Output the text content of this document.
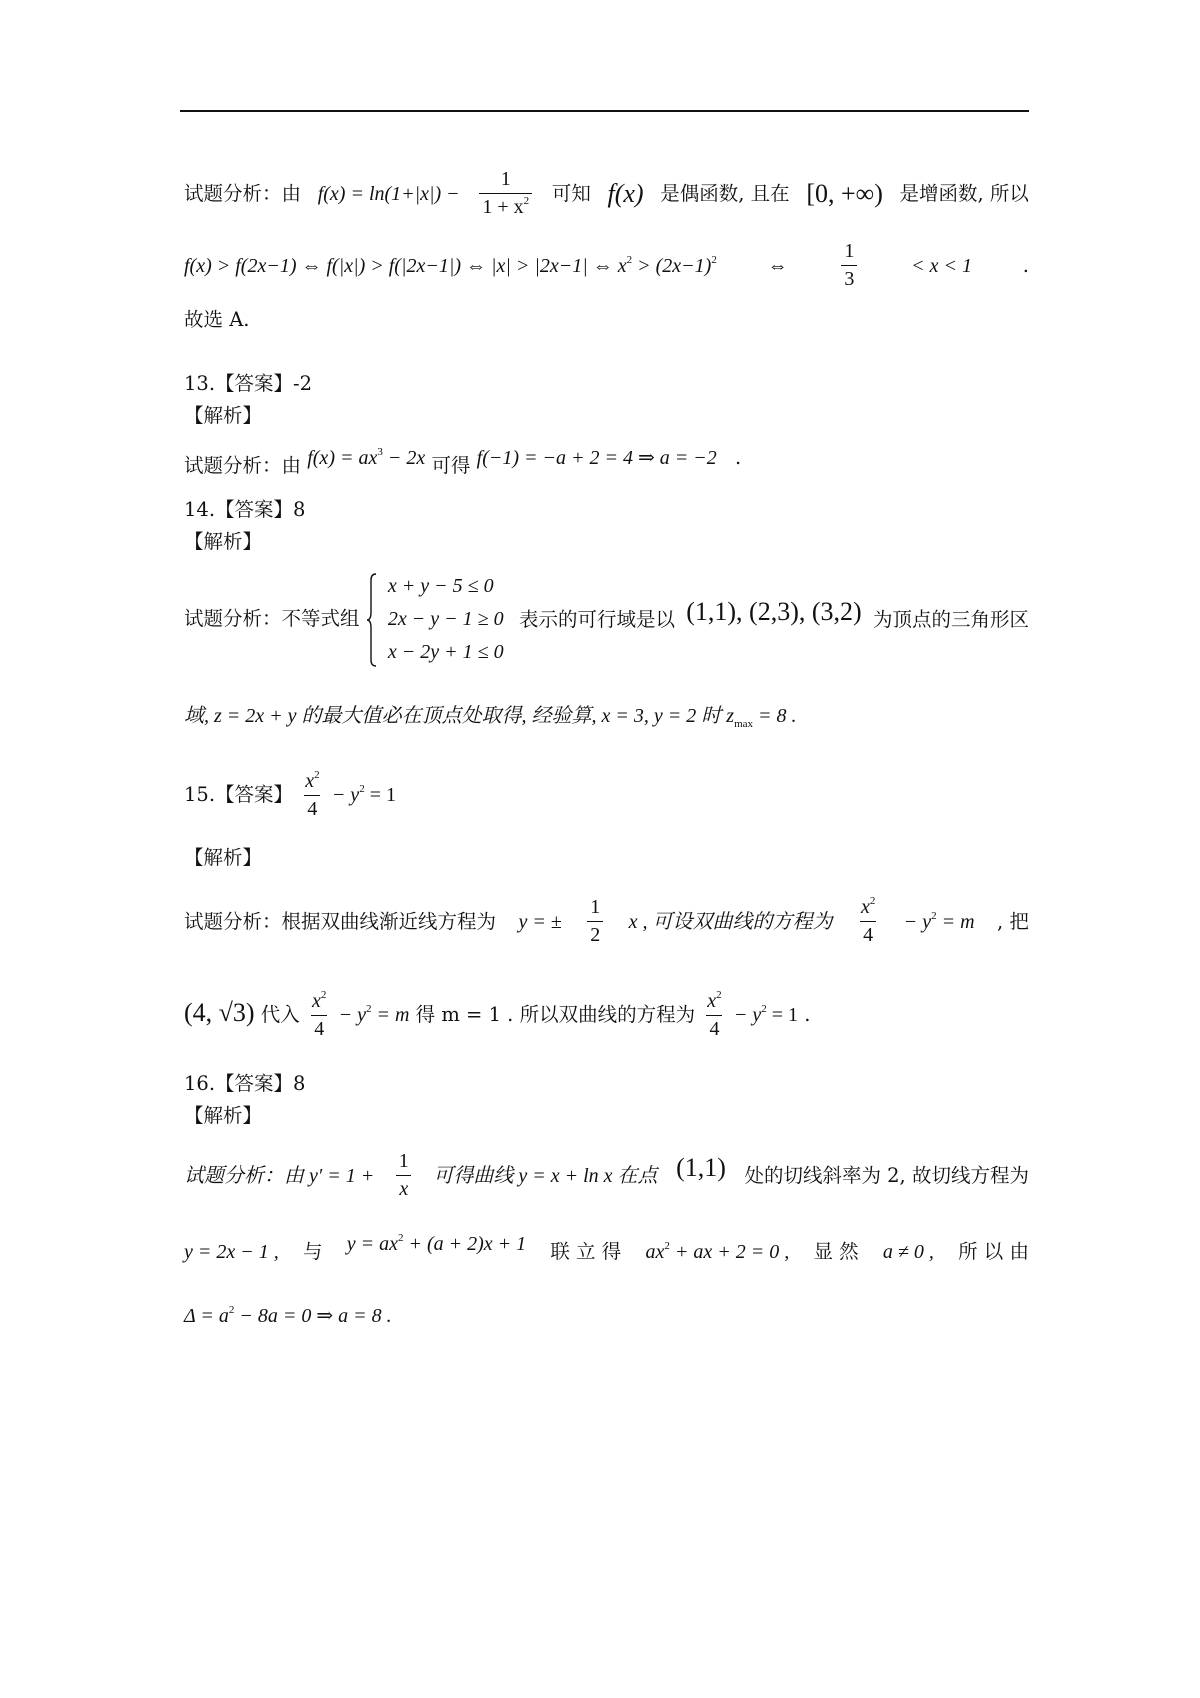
试题分析：由 $f(x) = \ln(1+|x|) - \frac{1}{1 + x^2}$ 可知 f(x) 是偶函数, 且在 [0, +∞) 是增函数, 所以
f(x) > f(2x−1) ⇔ f(|x|) > f(|2x−1|) ⇔ |x| > |2x−1| ⇔ $x^2 > (2x-1)^2$	⇔	$\frac{1}{3}$	< x < 1	.
故选 A.
13.【答案】-2
【解析】
试题分析：由 $f(x) = ax^3 - 2x$ 可得 f(−1) = −a + 2 = 4 ⇒ a = −2 .
14.【答案】8
【解析】
试题分析：不等式组
x + y − 5 ≤ 0
2x − y − 1 ≥ 0
x − 2y + 1 ≤ 0
表示的可行域是以 (1,1), (2,3), (3,2) 为顶点的三角形区
域, z = 2x + y 的最大值必在顶点处取得, 经验算, x = 3, y = 2 时 $z_{max} = 8$ .
15.【答案】 $\frac{x^2}{4} - y^2 = 1$
【解析】
试题分析：根据双曲线渐近线方程为 y = ± $\frac{1}{2}$ x , 可设双曲线的方程为 $\frac{x^2}{4} - y^2 = m$ , 把
(4, √3) 代入 $\frac{x^2}{4} - y^2 = m$ 得 m = 1 . 所以双曲线的方程为 $\frac{x^2}{4} - y^2 = 1$ .
16.【答案】8
【解析】
试题分析：由 $y' = 1 + \frac{1}{x}$ 可得曲线 y = x + ln x 在点 (1,1) 处的切线斜率为 2, 故切线方程为
y = 2x − 1 , 与 $y = ax^2 + (a + 2)x + 1$ 联 立 得 $ax^2$ + ax + 2 = 0 , 显 然 a ≠ 0 , 所 以 由
$\Delta = a^2 - 8a = 0$ ⇒ a = 8 .
